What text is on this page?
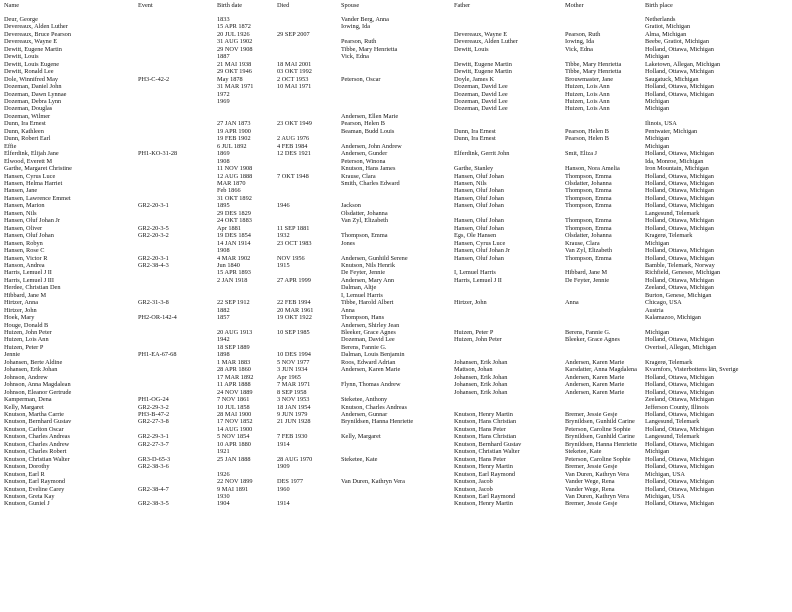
Name	Event	Birth date	Died	Spouse	Father	Mother	Birth place
Deur, George		1833		Vander Berg, Anna			Netherlands
Devereaux, Alden Luther		15 APR 1872		Iowing, Ida			Gratiot, Michigan
Devereaux, Bruce Pearson		20 JUL 1926	29 SEP 2007		Devereaux, Wayne E	Pearson, Ruth	Alma, Michigan
Devereaux, Wayne E		31 AUG 1902		Pearson, Ruth	Devereaux, Alden Luther	Iowing, Ida	Beebe, Gratiot, Michigan
Dewitt, Eugene Martin		29 NOV 1908		Tibbe, Mary Henrietta	Dewitt, Louis	Vick, Edna	Holland, Ottawa, Michigan
Dewitt, Louis		1887		Vick, Edna			Michigan
Dewitt, Louis Eugene		21 MAI 1938	18 MAI 2001		Dewitt, Eugene Martin	Tibbe, Mary Henrietta	Laketown, Allegan, Michigan
Dewitt, Ronald Lee		29 OKT 1946	03 OKT 1992		Dewitt, Eugene Martin	Tibbe, Mary Henrietta	Holland, Ottawa, Michigan
Dole, Winnifred May	PH3-C-42-2	May 1878	2 OCT 1953	Peterson, Oscar	Doyle, James K	Brouwmaster, Jane	Saugatuck, Michigan
Dozeman, Daniel John		31 MAR 1971	10 MAI 1971		Dozeman, David Lee	Huizen, Lois Ann	Holland, Ottawa, Michigan
Dozeman, Dawn Lynnae		1972			Dozeman, David Lee	Huizen, Lois Ann	Holland, Ottawa, Michigan
Dozeman, Debra Lynn		1969			Dozeman, David Lee	Huizen, Lois Ann	Michigan
Dozeman, Douglas					Dozeman, David Lee	Huizen, Lois Ann	Michigan
Dozeman, Wilmer				Andersen, Ellen Marie			
Dunn, Ira Ernest		27 JAN 1873	23 OKT 1949	Pearson, Helen B			Ilinois, USA
Dunn, Kathleen		19 APR 1900		Beaman, Budd Louis	Dunn, Ira Ernest	Pearson, Helen B	Pentwater, Michigan
Dunn, Robert Earl		19 FEB 1902	2 AUG 1976		Dunn, Ira Ernest	Pearson, Helen B	Michigan
Effie		6 JUL 1892	4 FEB 1984	Andersen, John Andrew			Michigan
Elferdink, Elijah Jane	PH1-KO-31-28	1869	12 DES 1921	Andersen, Gunder	Elferdink, Gerrit John	Smit, Eliza J	Holland, Ottawa, Michigan
Elwood, Everett M		1908		Peterson, Winona			Ida, Monroe, Michigan
Garthe, Margaret Christine		11 NOV 1908		Knutson, Hans James	Garthe, Stanley	Hanson, Nora Amelia	Iron Mountain, Michigan
Hansen, Cyrus Luce		12 AUG 1888	7 OKT 1948	Krause, Clara	Hansen, Oluf Johan	Thompson, Emma	Holland, Ottawa, Michigan
Hansen, Helma Harriet		MAR 1870		Smith, Charles Edward	Hansen, Nils	Olsdatter, Johanna	Holland, Ottawa, Michigan
Hansen, Jane		Feb 1866			Hansen, Oluf Johan	Thompson, Emma	Holland, Ottawa, Michigan
Hansen, Lawrence Emmet		31 OKT 1892			Hansen, Oluf Johan	Thompson, Emma	Holland, Ottawa, Michigan
Hansen, Marion	GR2-20-3-1	1895	1946	Jackson	Hansen, Oluf Johan	Thompson, Emma	Holland, Ottawa, Michigan
Hansen, Nils		29 DES 1829		Olsdatter, Johanna			Langesund, Telemark
Hansen, Oluf Johan Jr		24 OKT 1883		Van Zyl, Elizabeth	Hansen, Oluf Johan	Thompson, Emma	Holland, Ottawa, Michigan
Hansen, Oliver	GR2-20-3-5	Apr 1881	11 SEP 1881		Hansen, Oluf Johan	Thompson, Emma	Holland, Ottawa, Michigan
Hansen, Oluf Johan	GR2-20-3-2	19 DES 1854	1932	Thompson, Emma	Egs, Ole Hansen	Olsdatter, Johanna	Kragerø, Telemark
Hansen, Robyn		14 JAN 1914	23 OCT 1983	Jones	Hansen, Cyrus Luce	Krause, Clara	Michigan
Hansen, Rose C		1908			Hansen, Oluf Johan Jr	Van Zyl, Elizabeth	Holland, Ottawa, Michigan
Hansen, Victor R	GR2-20-3-1	4 MAR 1902	NOV 1956	Andersen, Gunhild Serene	Hansen, Oluf Johan	Thompson, Emma	Holland, Ottawa, Michigan
Hanson, Andrea	GR2-38-4-3	Jun 1840	1915	Knutson, Nils Henrik			Bamble, Telemark, Norway
Harris, Lemuel J II		15 APR 1893		De Feyter, Jennie	I, Lemuel Harris	Hibbard, Jane M	Richfield, Genesee, Michigan
Harris, Lemuel J III		2 JAN 1918	27 APR 1999	Andersen, Mary Ann	Harris, Lemuel J II	De Feyter, Jennie	Holland, Ottawa, Michigan
Herdee, Christian Den				Dalman, Altje			Zeeland, Ottawa, Michigan
Hibbard, Jane M				I, Lemuel Harris			Burton, Genese, Michigan
Hirtzer, Anna	GR2-31-3-8	22 SEP 1912	22 FEB 1994	Tibbe, Harold Albert	Hirtzer, John	Anna	Chicago, USA
Hirtzer, John		1882	20 MAR 1961	Anna			Austria
Hoek, Mary	PH2-OR-142-4	1857	19 OKT 1922	Thompson, Hans			Kalamazoo, Michigan
Houge, Donald B				Andersen, Shirley Jean			
Huizen, John Peter		20 AUG 1913	10 SEP 1985	Bleeker, Grace Agnes	Huizen, Peter P	Berens, Fannie G.	Michigan
Huizen, Lois Ann		1942		Dozeman, David Lee	Huizen, John Peter	Bleeker, Grace Agnes	Holland, Ottawa, Michigan
Huizen, Peter P		18 SEP 1889		Berens, Fannie G.			Overisel, Allegan, Michigan
Jennie	PH1-EA-67-68	1898	10 DES 1994	Dalman, Louis Benjamin			
Johansen, Berte Aldine		1 MAR 1883	5 NOV 1977	Roos, Edward Adrian	Johansen, Erik Johan	Andersen, Karen Marie	Kragerø, Telemark
Johansen, Erik Johan		28 APR 1860	3 JUN 1934	Andersen, Karen Marie	Mattson, Johan	Karsdatter, Anna Magdalena	Kvarnfors, Visterbottens län, Sverige
Johnson, Andrew		17 MAR 1892	Apr 1965		Johansen, Erik Johan	Andersen, Karen Marie	Holland, Ottawa, Michigan
Johnson, Anna Magdalean		11 APR 1888	7 MAR 1971	Flynn, Thomas Andrew	Johansen, Erik Johan	Andersen, Karen Marie	Holland, Ottawa, Michigan
Johnson, Eleanor Gertrude		24 NOV 1889	8 SEP 1958		Johansen, Erik Johan	Andersen, Karen Marie	Holland, Ottawa, Michigan
Kamperman, Dena	PH1-OG-24	7 NOV 1861	3 NOV 1953	Steketee, Anthony			Zeeland, Ottawa, Michigan
Kelly, Margaret	GR2-29-3-2	10 JUL 1858	18 JAN 1954	Knutson, Charles Andreas			Jefferson County, Illinois
Knutson, Martha Carrie	PH3-B-47-2	28 MAI 1900	9 JUN 1979	Andersen, Gunnar	Knutson, Henry Martin	Bremer, Jessie Gesje	Holland, Ottawa, Michigan
Knutson, Bernhard Gustav	GR2-27-3-8	17 NOV 1852	21 JUN 1928	Brynildsen, Hanna Henriette	Knutson, Hans Christian	Brynildsen, Gunhild Carine	Langesund, Telemark
Knutson, Carlton Oscar		14 AUG 1900			Knutson, Hans Peter	Peterson, Caroline Sophie	Holland, Ottawa, Michigan
Knutson, Charles Andreas	GR2-29-3-1	5 NOV 1854	7 FEB 1930	Kelly, Margaret	Knutson, Hans Christian	Brynildsen, Gunhild Carine	Langesund, Telemark
Knutson, Charles Andrew	GR2-27-3-7	10 APR 1880	1914		Knutson, Bernhard Gustav	Brynildsen, Hanna Henriette	Holland, Ottawa, Michigan
Knutson, Charles Robert		1921			Knutson, Christian Walter	Steketee, Kate	Michigan
Knutson, Christian Walter	GR3-D-65-3	25 JAN 1888	28 AUG 1970	Steketee, Kate	Knutson, Hans Peter	Peterson, Caroline Sophie	Holland, Ottawa, Michigan
Knutson, Dorothy	GR2-38-3-6		1909		Knutson, Henry Martin	Bremer, Jessie Gesje	Holland, Ottawa, Michigan
Knutson, Earl R		1926			Knutson, Earl Raymond	Van Duren, Kathryn Vera	Michigan, USA
Knutson, Earl Raymond		22 NOV 1899	DES 1977	Van Duren, Kathryn Vera	Knutson, Jacob	Vander Wege, Rena	Holland, Ottawa, Michigan
Knutson, Eveline Carey	GR2-38-4-7	9 MAI 1891	1960		Knutson, Jacob	Vander Wege, Rena	Holland, Ottawa, Michigan
Knutson, Greta Kay		1930			Knutson, Earl Raymond	Van Duren, Kathryn Vera	Michigan, USA
Knutson, Guniel J	GR2-38-3-5	1904	1914		Knutson, Henry Martin	Bremer, Jessie Gesje	Holland, Ottawa, Michigan
